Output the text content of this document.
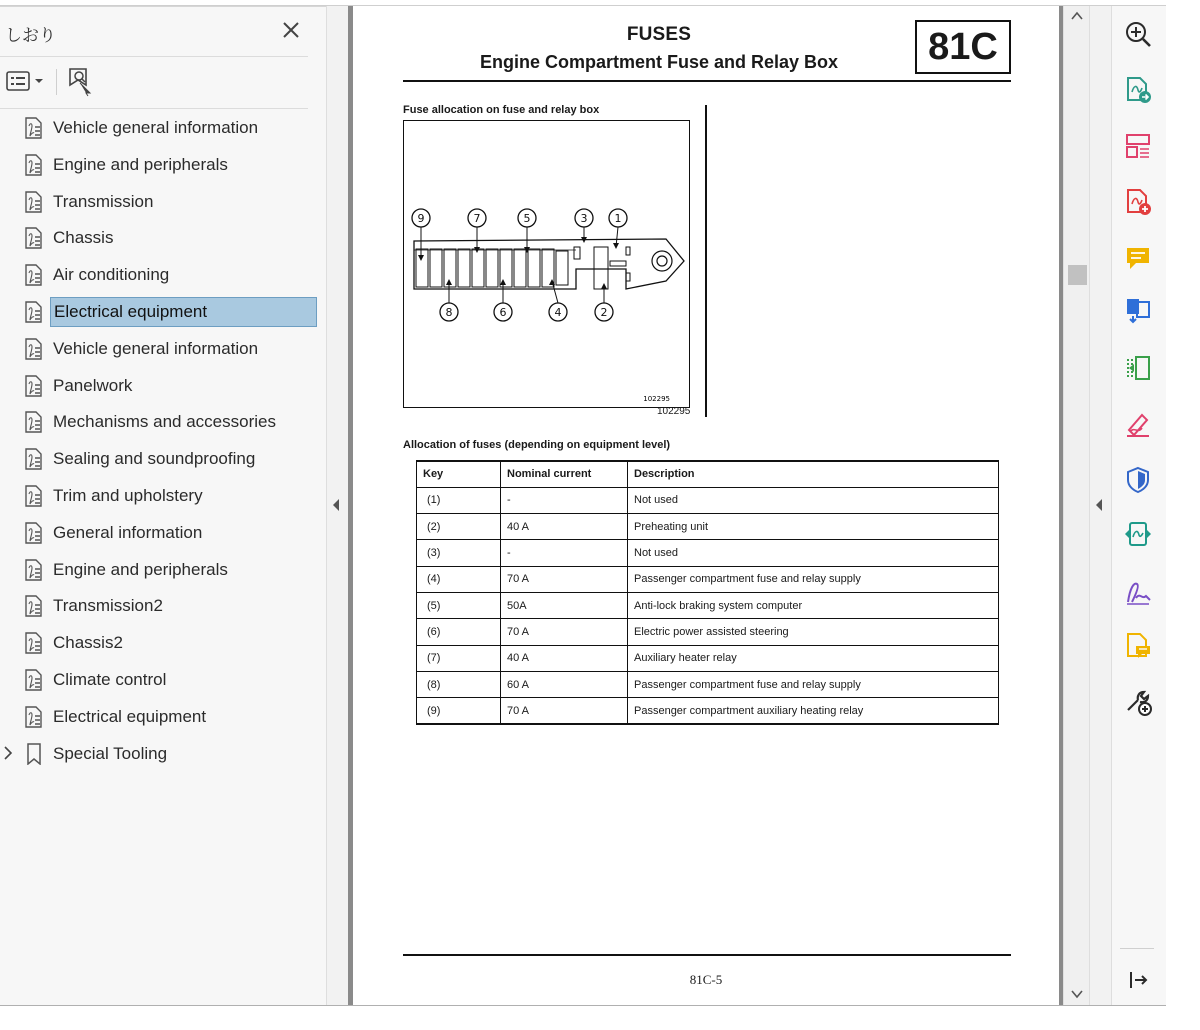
しおり
Vehicle general information
Engine and peripherals
Transmission
Chassis
Air conditioning
Electrical equipment
Vehicle general information
Panelwork
Mechanisms and accessories
Sealing and soundproofing
Trim and upholstery
General information
Engine and peripherals
Transmission2
Chassis2
Climate control
Electrical equipment
Special Tooling
FUSES
Engine Compartment Fuse and Relay Box	81C
Fuse allocation on fuse and relay box
9	7	5	3 1
8	6	4	2
102295
102295
Allocation of fuses (depending on equipment level)
Key	Nominal current	Description
(1)	-	Not used
(2)	40 A	Preheating unit
(3)	-	Not used
(4)	70 A	Passenger compartment fuse and relay supply
(5)	50A	Anti-lock braking system computer
(6)	70 A	Electric power assisted steering
(7)	40 A	Auxiliary heater relay
(8)	60 A	Passenger compartment fuse and relay supply
(9)	70 A	Passenger compartment auxiliary heating relay
81C-5
